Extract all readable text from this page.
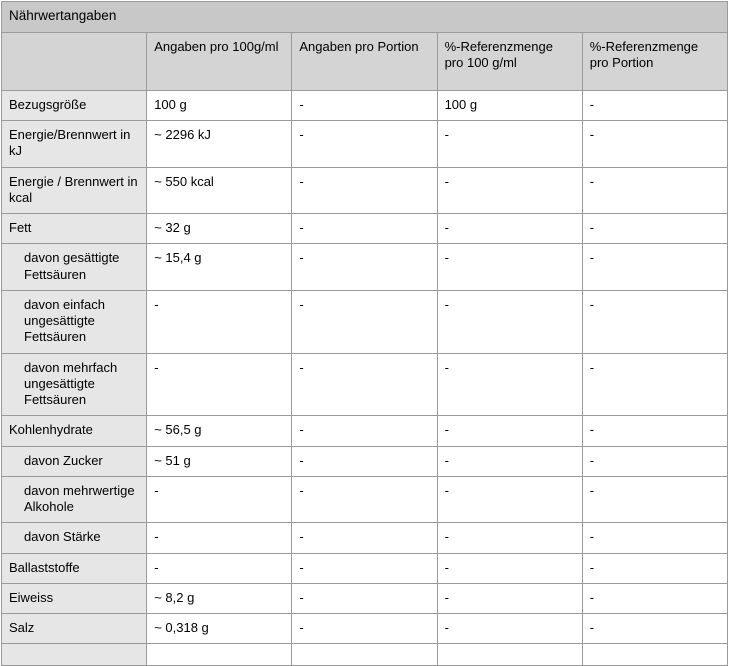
Nährwertangaben				
	Angaben pro 100g/ml	Angaben pro Portion	%-Referenzmenge pro 100 g/ml	%-Referenzmenge pro Portion
Bezugsgröße	100 g	-	100 g	-
Energie/Brennwert in kJ	~ 2296 kJ	-	-	-
Energie / Brennwert in kcal	~ 550 kcal	-	-	-
Fett	~ 32 g	-	-	-
davon gesättigte Fettsäuren	~ 15,4 g	-	-	-
davon einfach ungesättigte Fettsäuren	-	-	-	-
davon mehrfach ungesättigte Fettsäuren	-	-	-	-
Kohlenhydrate	~ 56,5 g	-	-	-
davon Zucker	~ 51 g	-	-	-
davon mehrwertige Alkohole	-	-	-	-
davon Stärke	-	-	-	-
Ballaststoffe	-	-	-	-
Eiweiss	~ 8,2 g	-	-	-
Salz	~ 0,318 g	-	-	-
